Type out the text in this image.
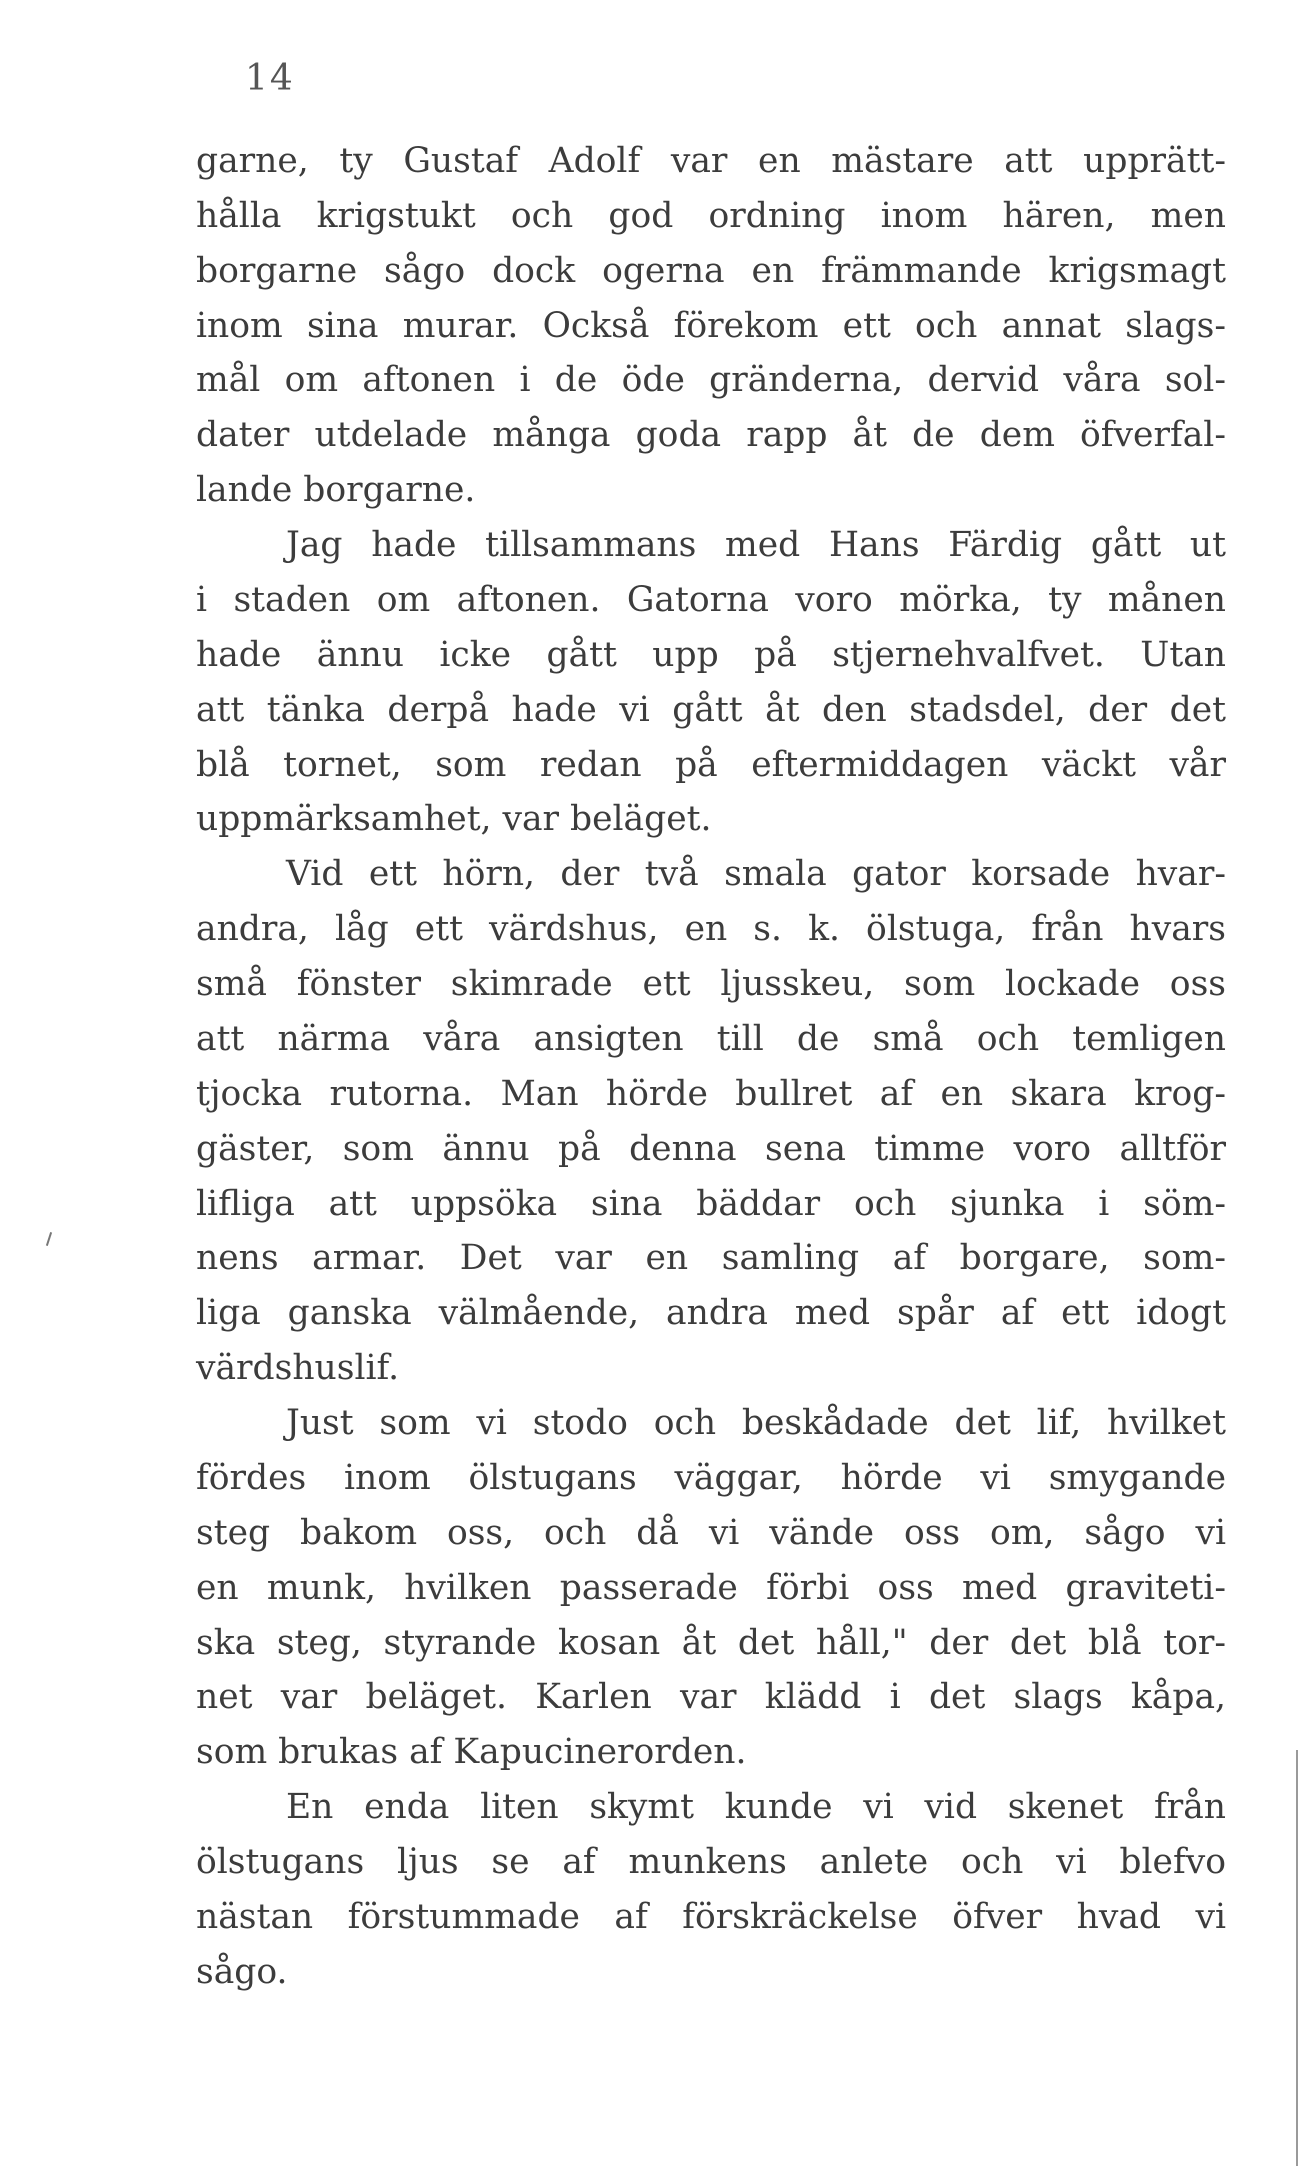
14
garne, ty Gustaf Adolf var en mästare att upprätt-
hålla krigstukt och god ordning inom hären, men
borgarne sågo dock ogerna en främmande krigsmagt
inom sina murar. Också förekom ett och annat slags-
mål om aftonen i de öde gränderna, dervid våra sol-
dater utdelade många goda rapp åt de dem öfverfal-
lande borgarne.
Jag hade tillsammans med Hans Färdig gått ut
i staden om aftonen. Gatorna voro mörka, ty månen
hade ännu icke gått upp på stjernehvalfvet. Utan
att tänka derpå hade vi gått åt den stadsdel, der det
blå tornet, som redan på eftermiddagen väckt vår
uppmärksamhet, var beläget.
Vid ett hörn, der två smala gator korsade hvar-
andra, låg ett värdshus, en s. k. ölstuga, från hvars
små fönster skimrade ett ljusskeu, som lockade oss
att närma våra ansigten till de små och temligen
tjocka rutorna. Man hörde bullret af en skara krog-
gäster, som ännu på denna sena timme voro alltför
lifliga att uppsöka sina bäddar och sjunka i söm-
nens armar. Det var en samling af borgare, som-
liga ganska välmående, andra med spår af ett idogt
värdshuslif.
Just som vi stodo och beskådade det lif, hvilket
fördes inom ölstugans väggar, hörde vi smygande
steg bakom oss, och då vi vände oss om, sågo vi
en munk, hvilken passerade förbi oss med graviteti-
ska steg, styrande kosan åt det håll," der det blå tor-
net var beläget. Karlen var klädd i det slags kåpa,
som brukas af Kapucinerorden.
En enda liten skymt kunde vi vid skenet från
ölstugans ljus se af munkens anlete och vi blefvo
nästan förstummade af förskräckelse öfver hvad vi
sågo.
